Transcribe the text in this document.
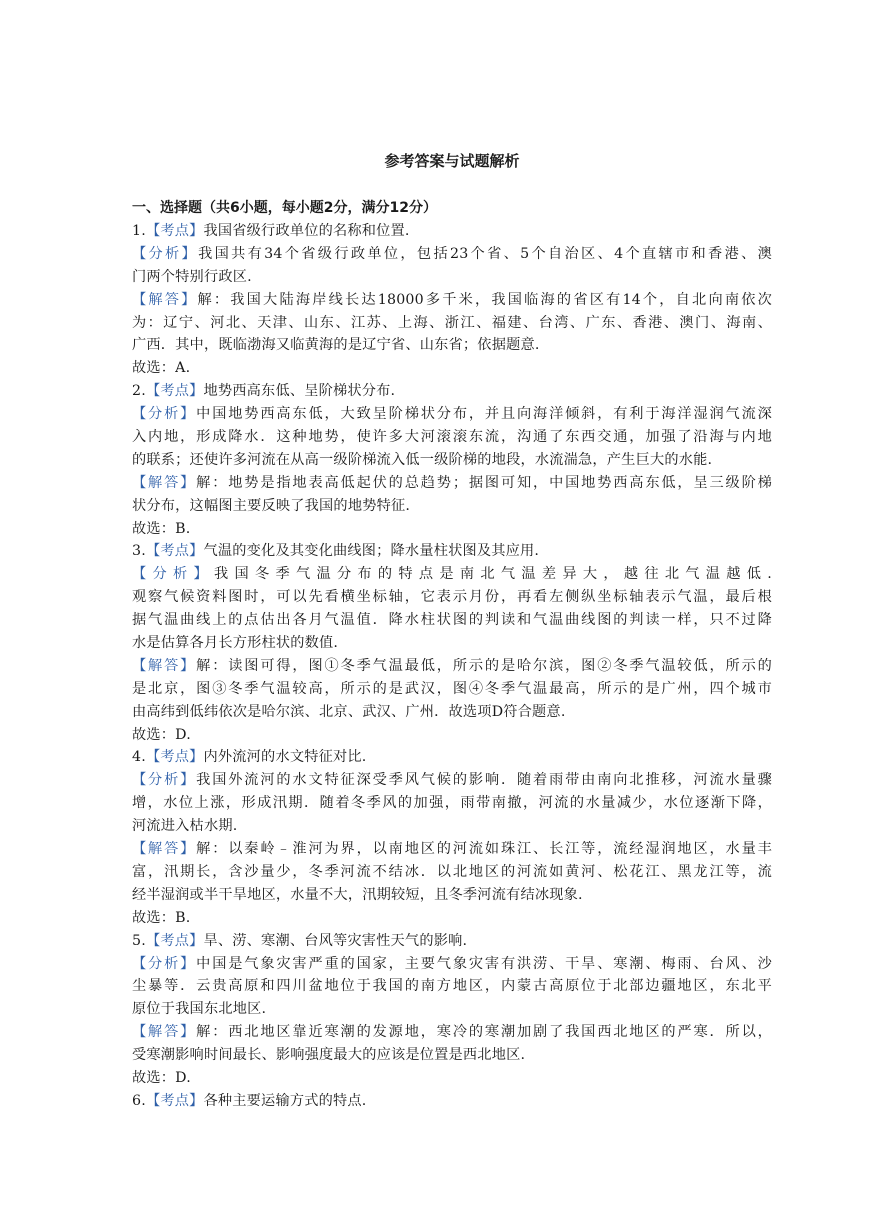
参考答案与试题解析
一、选择题（共6小题，每小题2分，满分12分）
1.【考点】我国省级行政单位的名称和位置.
【分析】我国共有34个省级行政单位，包括23个省、5个自治区、4个直辖市和香港、澳
门两个特别行政区.
【解答】解：我国大陆海岸线长达18000多千米，我国临海的省区有14个，自北向南依次
为：辽宁、河北、天津、山东、江苏、上海、浙江、福建、台湾、广东、香港、澳门、海南、
广西．其中，既临渤海又临黄海的是辽宁省、山东省；依据题意.
故选：A.
2.【考点】地势西高东低、呈阶梯状分布.
【分析】中国地势西高东低，大致呈阶梯状分布，并且向海洋倾斜，有利于海洋湿润气流深
入内地，形成降水．这种地势，使许多大河滚滚东流，沟通了东西交通，加强了沿海与内地
的联系；还使许多河流在从高一级阶梯流入低一级阶梯的地段，水流湍急，产生巨大的水能.
【解答】解：地势是指地表高低起伏的总趋势；据图可知，中国地势西高东低，呈三级阶梯
状分布，这幅图主要反映了我国的地势特征.
故选：B.
3.【考点】气温的变化及其变化曲线图；降水量柱状图及其应用.
【分析】我国冬季气温分布的特点是南北气温差异大，越往北气温越低.
观察气候资料图时，可以先看横坐标轴，它表示月份，再看左侧纵坐标轴表示气温，最后根
据气温曲线上的点估出各月气温值．降水柱状图的判读和气温曲线图的判读一样，只不过降
水是估算各月长方形柱状的数值.
【解答】解：读图可得，图①冬季气温最低，所示的是哈尔滨，图②冬季气温较低，所示的
是北京，图③冬季气温较高，所示的是武汉，图④冬季气温最高，所示的是广州，四个城市
由高纬到低纬依次是哈尔滨、北京、武汉、广州．故选项D符合题意.
故选：D.
4.【考点】内外流河的水文特征对比.
【分析】我国外流河的水文特征深受季风气候的影响．随着雨带由南向北推移，河流水量骤
增，水位上涨，形成汛期．随着冬季风的加强，雨带南撤，河流的水量减少，水位逐渐下降，
河流进入枯水期.
【解答】解：以秦岭﹣淮河为界，以南地区的河流如珠江、长江等，流经湿润地区，水量丰
富，汛期长，含沙量少，冬季河流不结冰．以北地区的河流如黄河、松花江、黑龙江等，流
经半湿润或半干旱地区，水量不大，汛期较短，且冬季河流有结冰现象.
故选：B.
5.【考点】旱、涝、寒潮、台风等灾害性天气的影响.
【分析】中国是气象灾害严重的国家，主要气象灾害有洪涝、干旱、寒潮、梅雨、台风、沙
尘暴等．云贵高原和四川盆地位于我国的南方地区，内蒙古高原位于北部边疆地区，东北平
原位于我国东北地区.
【解答】解：西北地区靠近寒潮的发源地，寒冷的寒潮加剧了我国西北地区的严寒．所以，
受寒潮影响时间最长、影响强度最大的应该是位置是西北地区.
故选：D.
6.【考点】各种主要运输方式的特点.
